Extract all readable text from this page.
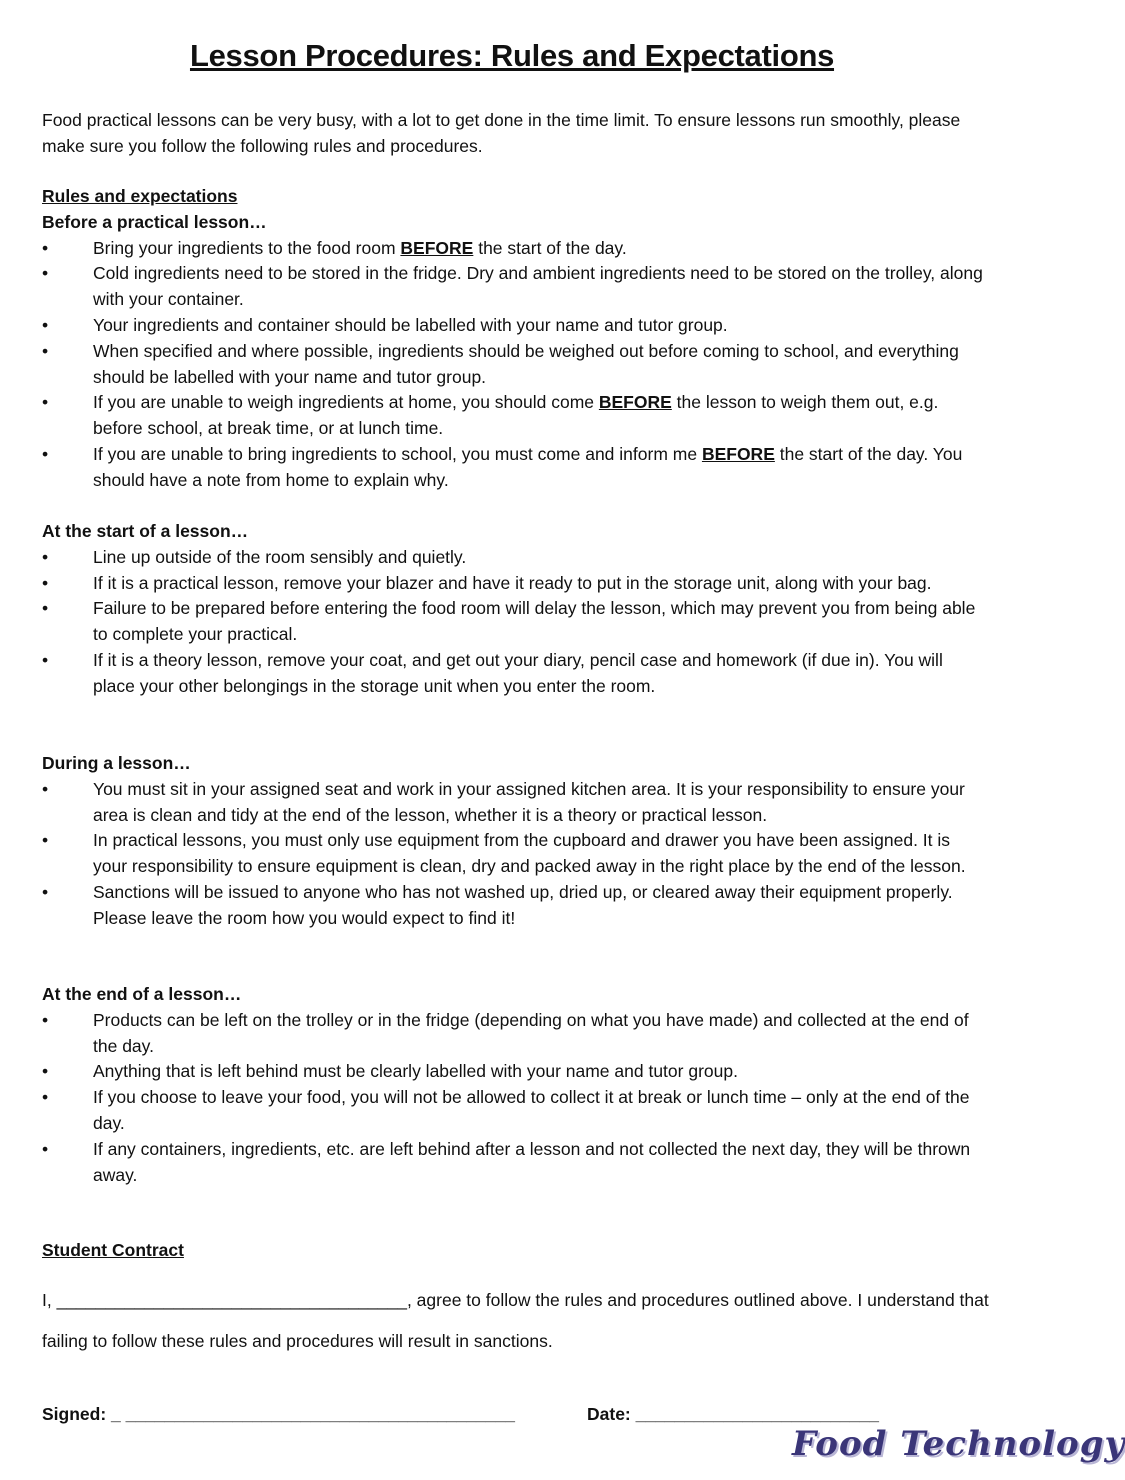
Lesson Procedures: Rules and Expectations
Food practical lessons can be very busy, with a lot to get done in the time limit. To ensure lessons run smoothly, please make sure you follow the following rules and procedures.
Rules and expectations
Before a practical lesson…
•	Bring your ingredients to the food room BEFORE the start of the day.
•	Cold ingredients need to be stored in the fridge. Dry and ambient ingredients need to be stored on the trolley, along with your container.
•	Your ingredients and container should be labelled with your name and tutor group.
•	When specified and where possible, ingredients should be weighed out before coming to school, and everything should be labelled with your name and tutor group.
•	If you are unable to weigh ingredients at home, you should come BEFORE the lesson to weigh them out, e.g. before school, at break time, or at lunch time.
•	If you are unable to bring ingredients to school, you must come and inform me BEFORE the start of the day. You should have a note from home to explain why.
At the start of a lesson…
•	Line up outside of the room sensibly and quietly.
•	If it is a practical lesson, remove your blazer and have it ready to put in the storage unit, along with your bag.
•	Failure to be prepared before entering the food room will delay the lesson, which may prevent you from being able to complete your practical.
•	If it is a theory lesson, remove your coat, and get out your diary, pencil case and homework (if due in). You will place your other belongings in the storage unit when you enter the room.
During a lesson…
•	You must sit in your assigned seat and work in your assigned kitchen area. It is your responsibility to ensure your area is clean and tidy at the end of the lesson, whether it is a theory or practical lesson.
•	In practical lessons, you must only use equipment from the cupboard and drawer you have been assigned. It is your responsibility to ensure equipment is clean, dry and packed away in the right place by the end of the lesson.
•	Sanctions will be issued to anyone who has not washed up, dried up, or cleared away their equipment properly. Please leave the room how you would expect to find it!
At the end of a lesson…
•	Products can be left on the trolley or in the fridge (depending on what you have made) and collected at the end of the day.
•	Anything that is left behind must be clearly labelled with your name and tutor group.
•	If you choose to leave your food, you will not be allowed to collect it at break or lunch time – only at the end of the day.
•	If any containers, ingredients, etc. are left behind after a lesson and not collected the next day, they will be thrown away.
Student Contract
I, ____________________________________, agree to follow the rules and procedures outlined above. I understand that failing to follow these rules and procedures will result in sanctions.
Signed: _ ________________________________________	Date: _________________________
Food Technology
